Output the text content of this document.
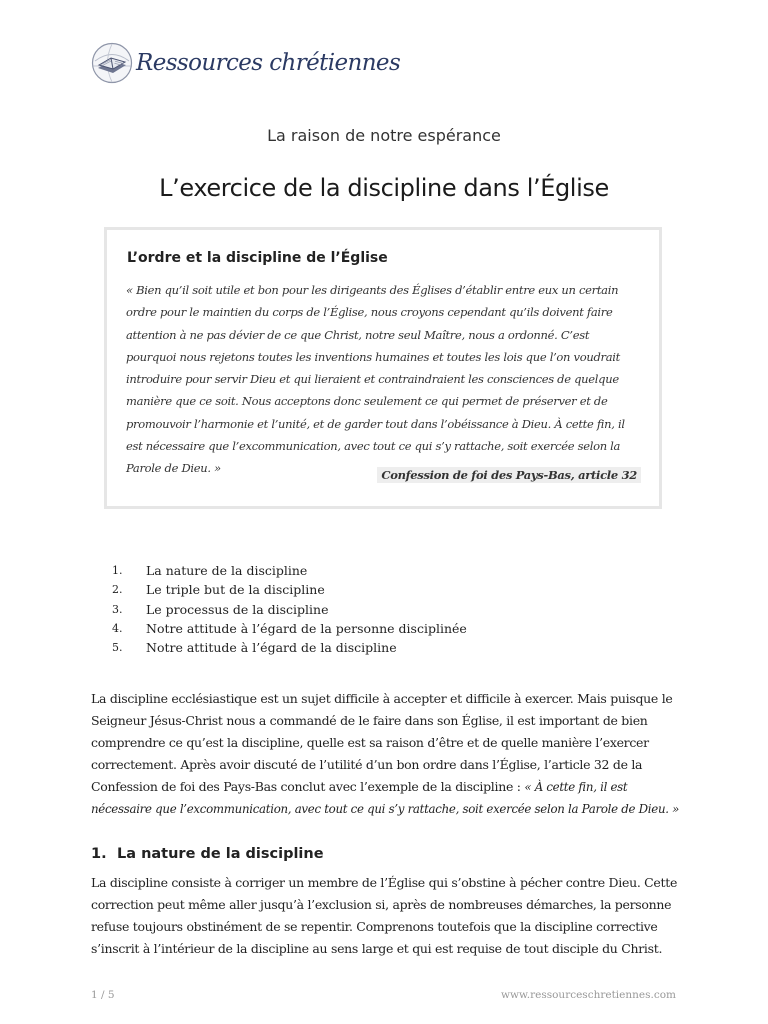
Ressources chrétiennes
La raison de notre espérance
L’exercice de la discipline dans l’Église
L’ordre et la discipline de l’Église

« Bien qu’il soit utile et bon pour les dirigeants des Églises d’établir entre eux un certain ordre pour le maintien du corps de l’Église, nous croyons cependant qu’ils doivent faire attention à ne pas dévier de ce que Christ, notre seul Maître, nous a ordonné. C’est pourquoi nous rejetons toutes les inventions humaines et toutes les lois que l’on voudrait introduire pour servir Dieu et qui lieraient et contraindraient les consciences de quelque manière que ce soit. Nous acceptons donc seulement ce qui permet de préserver et de promouvoir l’harmonie et l’unité, et de garder tout dans l’obéissance à Dieu. À cette fin, il est nécessaire que l’excommunication, avec tout ce qui s’y rattache, soit exercée selon la Parole de Dieu. »	Confession de foi des Pays-Bas, article 32
1.	La nature de la discipline
2.	Le triple but de la discipline
3.	Le processus de la discipline
4.	Notre attitude à l’égard de la personne disciplinée
5.	Notre attitude à l’égard de la discipline

La discipline ecclésiastique est un sujet difficile à accepter et difficile à exercer. Mais puisque le Seigneur Jésus-Christ nous a commandé de le faire dans son Église, il est important de bien comprendre ce qu’est la discipline, quelle est sa raison d’être et de quelle manière l’exercer correctement. Après avoir discuté de l’utilité d’un bon ordre dans l’Église, l’article 32 de la Confession de foi des Pays-Bas conclut avec l’exemple de la discipline : « À cette fin, il est nécessaire que l’excommunication, avec tout ce qui s’y rattache, soit exercée selon la Parole de Dieu. »

1. La nature de la discipline

La discipline consiste à corriger un membre de l’Église qui s’obstine à pécher contre Dieu. Cette correction peut même aller jusqu’à l’exclusion si, après de nombreuses démarches, la personne refuse toujours obstinément de se repentir. Comprenons toutefois que la discipline corrective s’inscrit à l’intérieur de la discipline au sens large et qui est requise de tout disciple du Christ.

1 / 5	www.ressourceschretiennes.com
